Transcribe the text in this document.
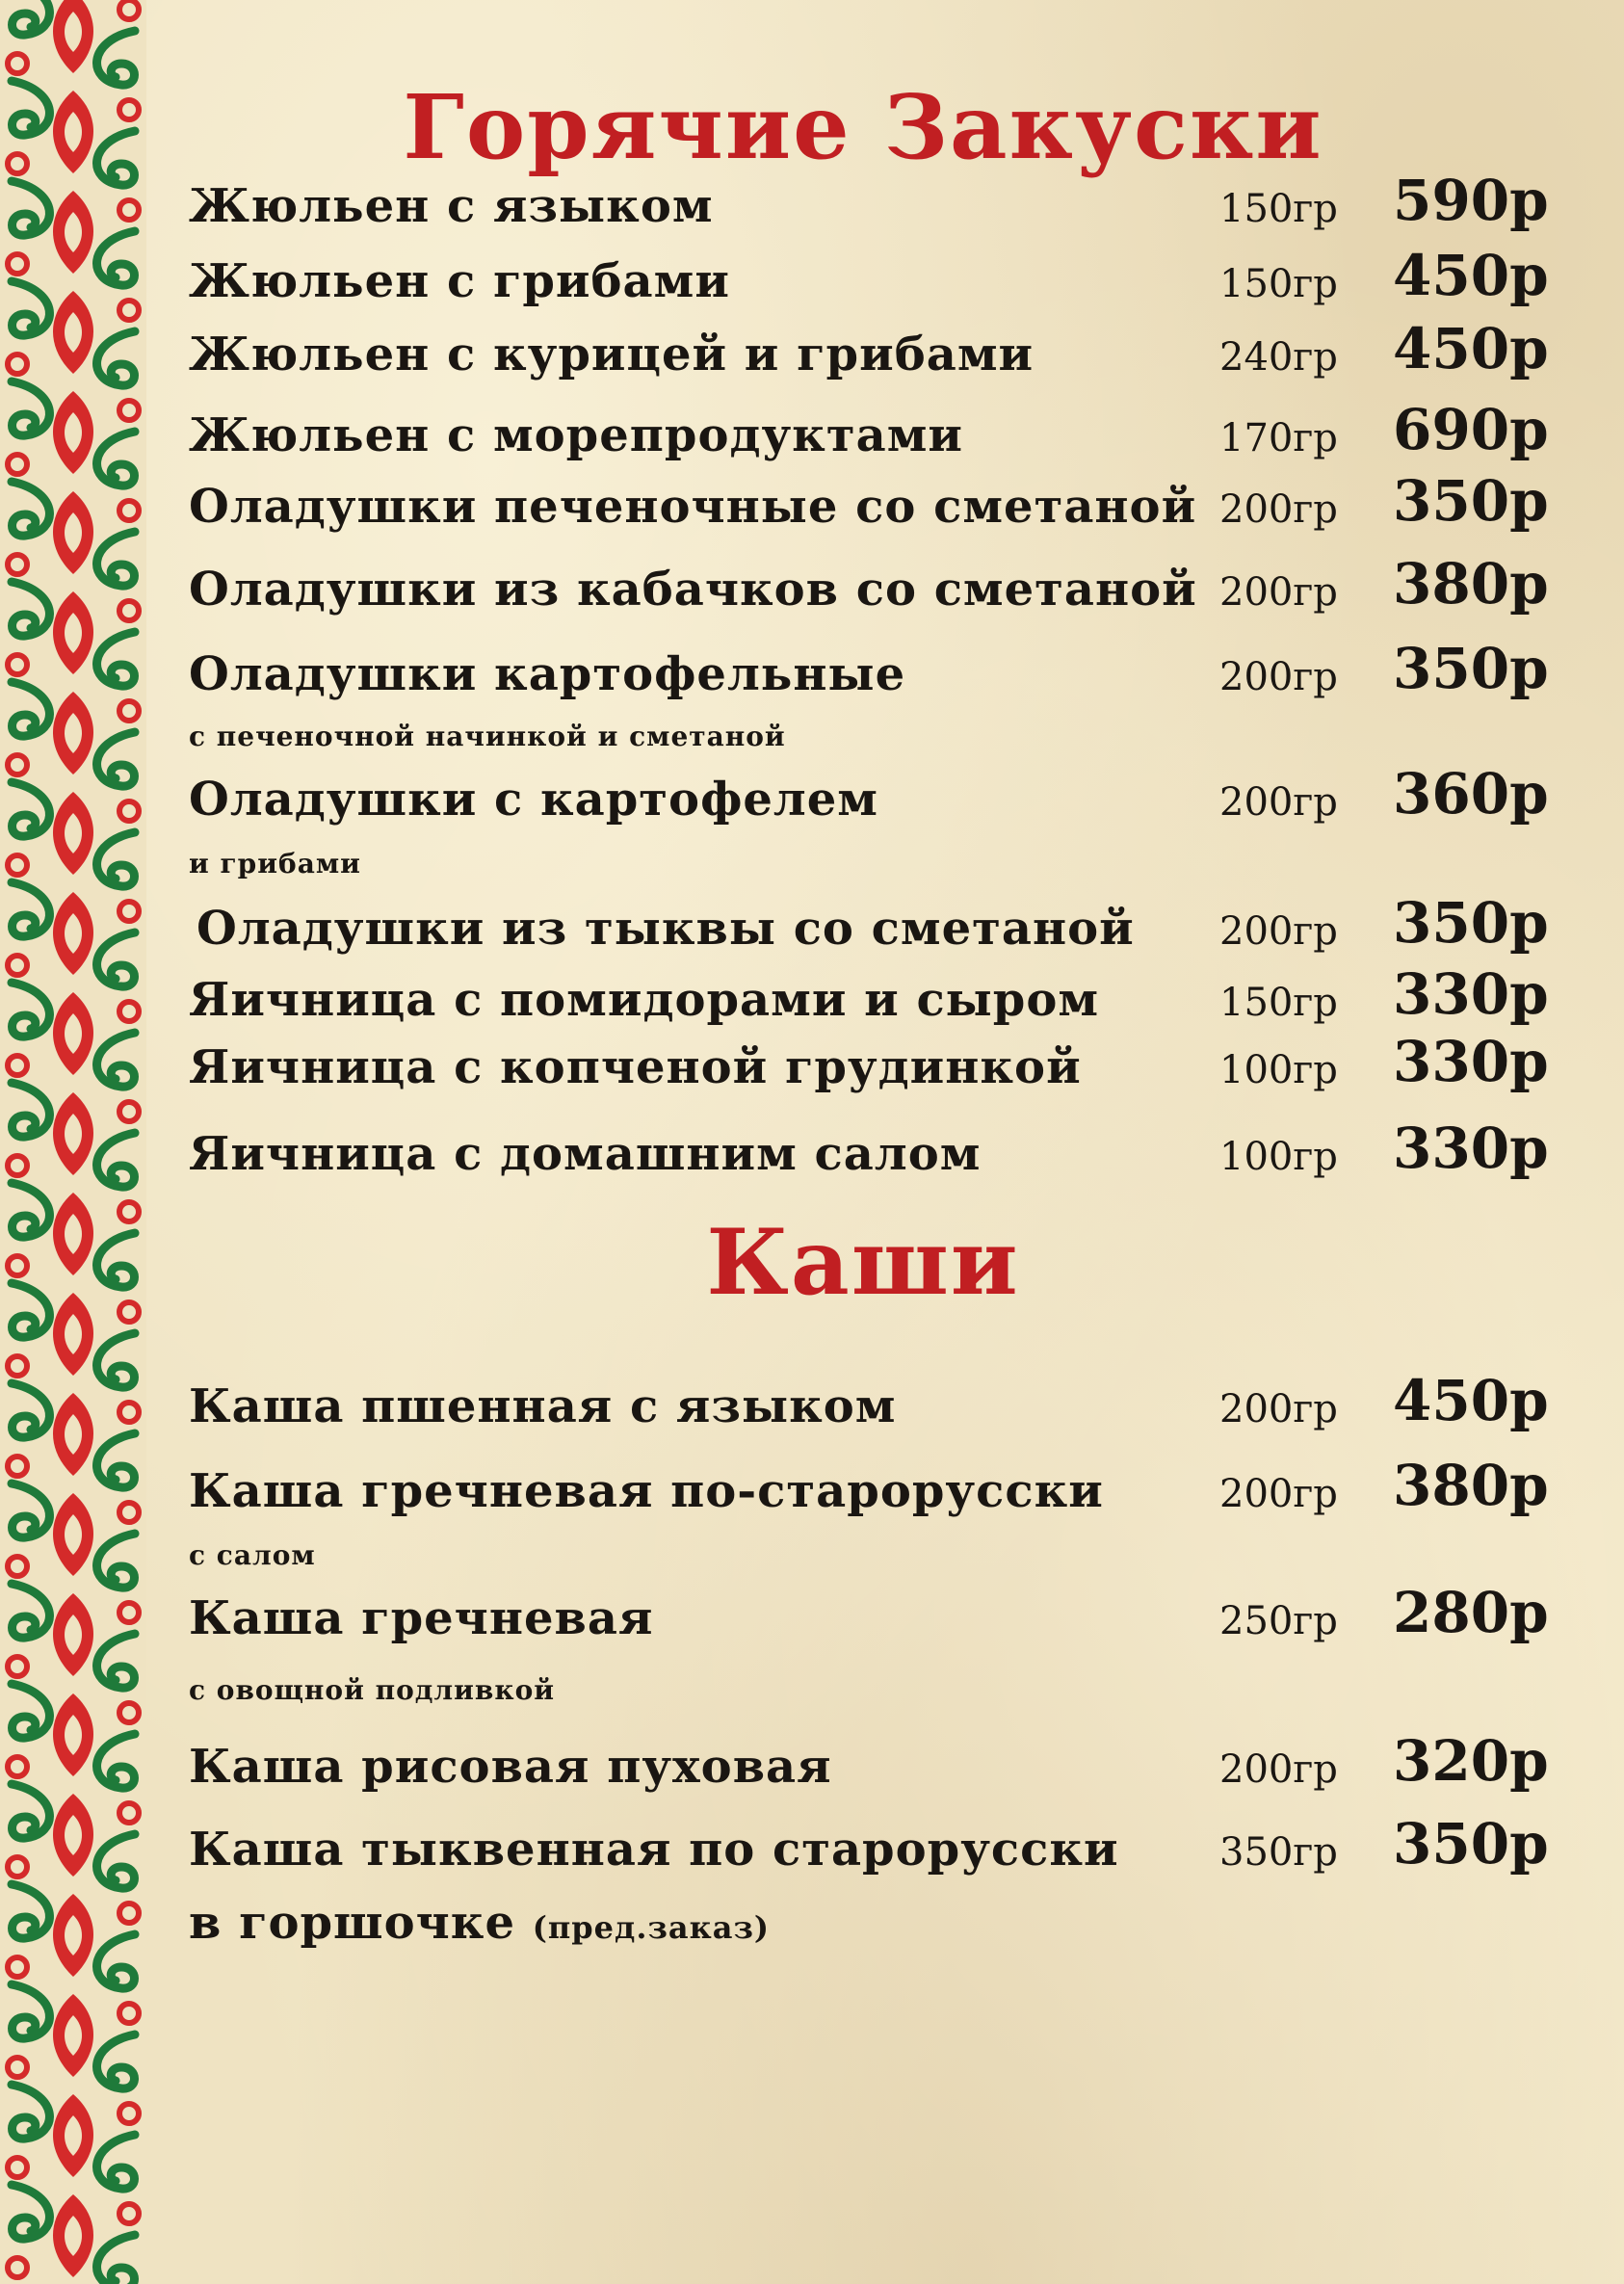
Горячие Закуски
Жюльен с языком	150гр 590р
Жюльен с грибами	150гр 450р
Жюльен с курицей и грибами	240гр 450р
Жюльен с морепродуктами	170гр 690р
Оладушки печеночные со сметаной 200гр 350р
Оладушки из кабачков со сметаной 200гр 380р
Оладушки картофельные	200гр 350р
с печеночной начинкой и сметаной
Оладушки с картофелем	200гр 360р
и грибами
Оладушки из тыквы со сметаной 200гр 350р
Яичница с помидорами и сыром	150гр 330р
Яичница с копченой грудинкой	100гр 330р
Яичница с домашним салом	100гр 330р
Каши
Каша пшенная с языком	200гр 450р
Каша гречневая по-старорусски	200гр 380р
с салом
Каша гречневая	250гр 280р
с овощной подливкой
Каша рисовая пуховая	200гр 320р
Каша тыквенная по старорусски	350гр 350р
в горшочке (пред.заказ)
